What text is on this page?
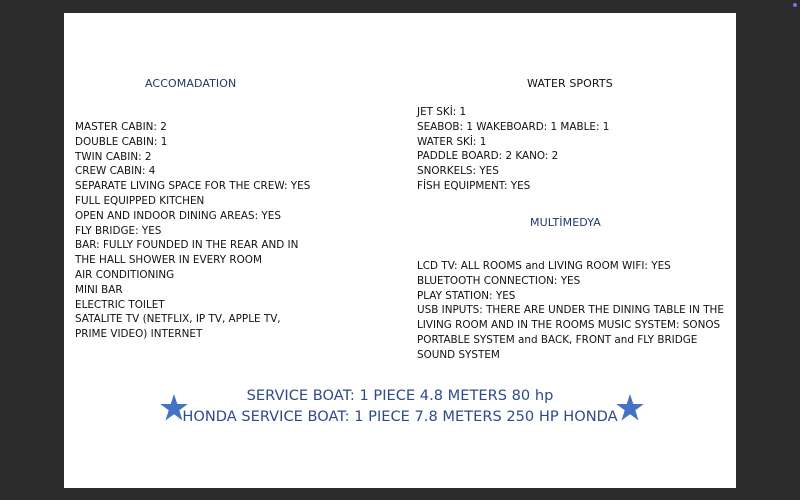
ACCOMADATION
MASTER CABIN: 2
DOUBLE CABIN: 1
TWIN CABIN: 2
CREW CABIN: 4
SEPARATE LIVING SPACE FOR THE CREW: YES
FULL EQUIPPED KITCHEN
OPEN AND INDOOR DINING AREAS: YES
FLY BRIDGE: YES
BAR: FULLY FOUNDED IN THE REAR AND IN
THE HALL SHOWER IN EVERY ROOM
AIR CONDITIONING
MINI BAR
ELECTRIC TOILET
SATALITE TV (NETFLIX, IP TV, APPLE TV,
PRIME VIDEO) INTERNET
WATER SPORTS
JET SKİ: 1
SEABOB: 1 WAKEBOARD: 1 MABLE: 1
WATER SKİ: 1
PADDLE BOARD: 2 KANO: 2
SNORKELS: YES
FİSH EQUIPMENT: YES
MULTİMEDYA
LCD TV: ALL ROOMS and LIVING ROOM WIFI: YES
BLUETOOTH CONNECTION: YES
PLAY STATION: YES
USB INPUTS: THERE ARE UNDER THE DINING TABLE IN THE
LIVING ROOM AND IN THE ROOMS MUSIC SYSTEM: SONOS
PORTABLE SYSTEM and BACK, FRONT and FLY BRIDGE
SOUND SYSTEM
SERVICE BOAT: 1 PIECE 4.8 METERS 80 hp
HONDA SERVICE BOAT: 1 PIECE 7.8 METERS 250 HP HONDA
